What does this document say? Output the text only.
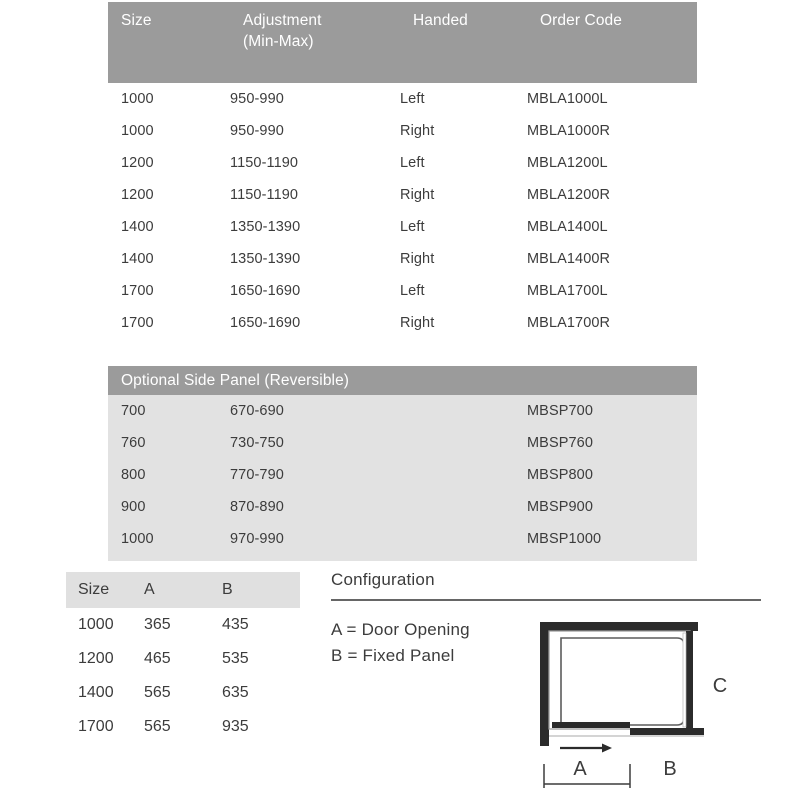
Size	Adjustment
(Min-Max)
Handed	Order Code
1000	950-990	Left	MBLA1000L
1000	950-990	Right	MBLA1000R
1200	1150-1190	Left	MBLA1200L
1200	1150-1190	Right	MBLA1200R
1400	1350-1390	Left	MBLA1400L
1400	1350-1390	Right	MBLA1400R
1700	1650-1690	Left	MBLA1700L
1700	1650-1690	Right	MBLA1700R
Optional Side Panel (Reversible)
700	670-690	MBSP700
760	730-750	MBSP760
800	770-790	MBSP800
900	870-890	MBSP900
1000	970-990	MBSP1000
Size	A	B
1000	365	435
1200	465	535
1400	565	635
1700	565	935
Configuration
A = Door Opening
B = Fixed Panel
A	B
C
